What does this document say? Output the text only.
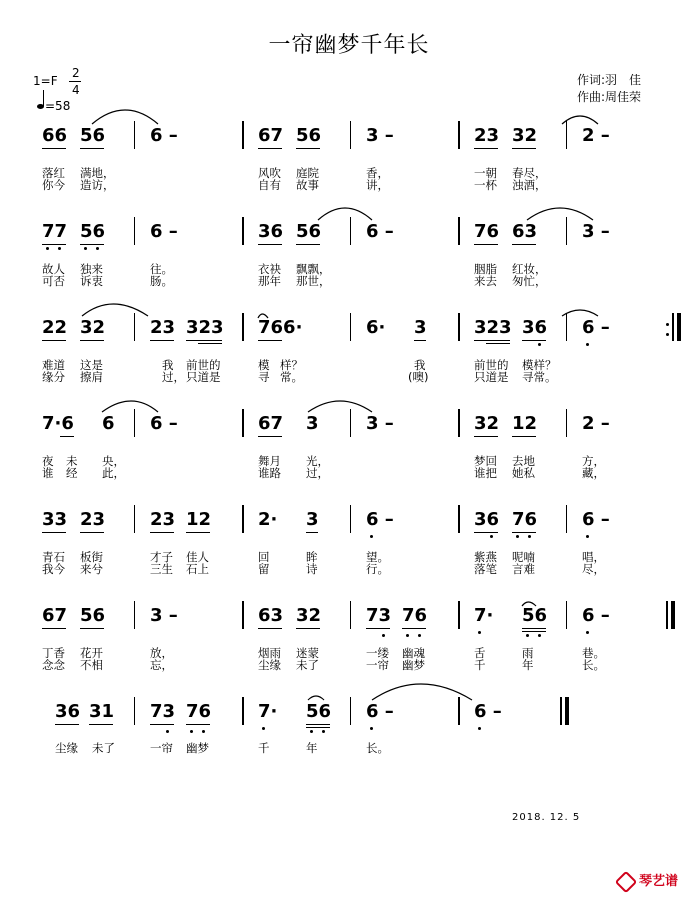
一帘幽梦千年长
1=F
2
4
=58
作词:羽　佳
作曲:周佳荣
66 56 6 –	67 56 3 –	23 32 2 –
落红 满地，	风吹 庭院	香，	一朝 春尽，
你今 造访，	自有 故事	讲，	一杯 浊酒，
77 56 6 –	36 56 6 –	76 63 3 –
故人 独来	往。	衣袂 飘飘，	胭脂 红妆，
可否 诉衷	肠。	那年 那世，	来去 匆忙，
22 32 23 323 766·	6· 3	323 36 6 –
难道 这是	我 前世的	模 样？	我	前世的 模样？
缘分 擦肩	过， 只道是	寻 常。	(噢)	只道是 寻常。
7·6 6 6 –	67 3	3 –	32 12 2 –
夜 未 央，	舞月 光，	梦回 去地	方，
谁 经 此，	谁路 过，	谁把 她私	藏，
33 23 23 12	2· 3	6 –	36 76 6 –
青石 板街	才子 佳人	回	眸	望。	紫燕 呢喃	唱，
我今 来兮	三生 石上	留	诗	行。	落笔 言难	尽，
67 56 3 –	63 32 73 76	7· 56 6 –
丁香 花开	放，	烟雨 迷蒙	一缕 幽魂	舌	雨	巷。
念念 不相	忘，	尘缘 未了	一帘 幽梦	千	年	长。
36 31 73 76	7· 56 6 –	6 –
尘缘 未了	一帘 幽梦	千	年	长。
2018. 12. 5
琴艺谱
